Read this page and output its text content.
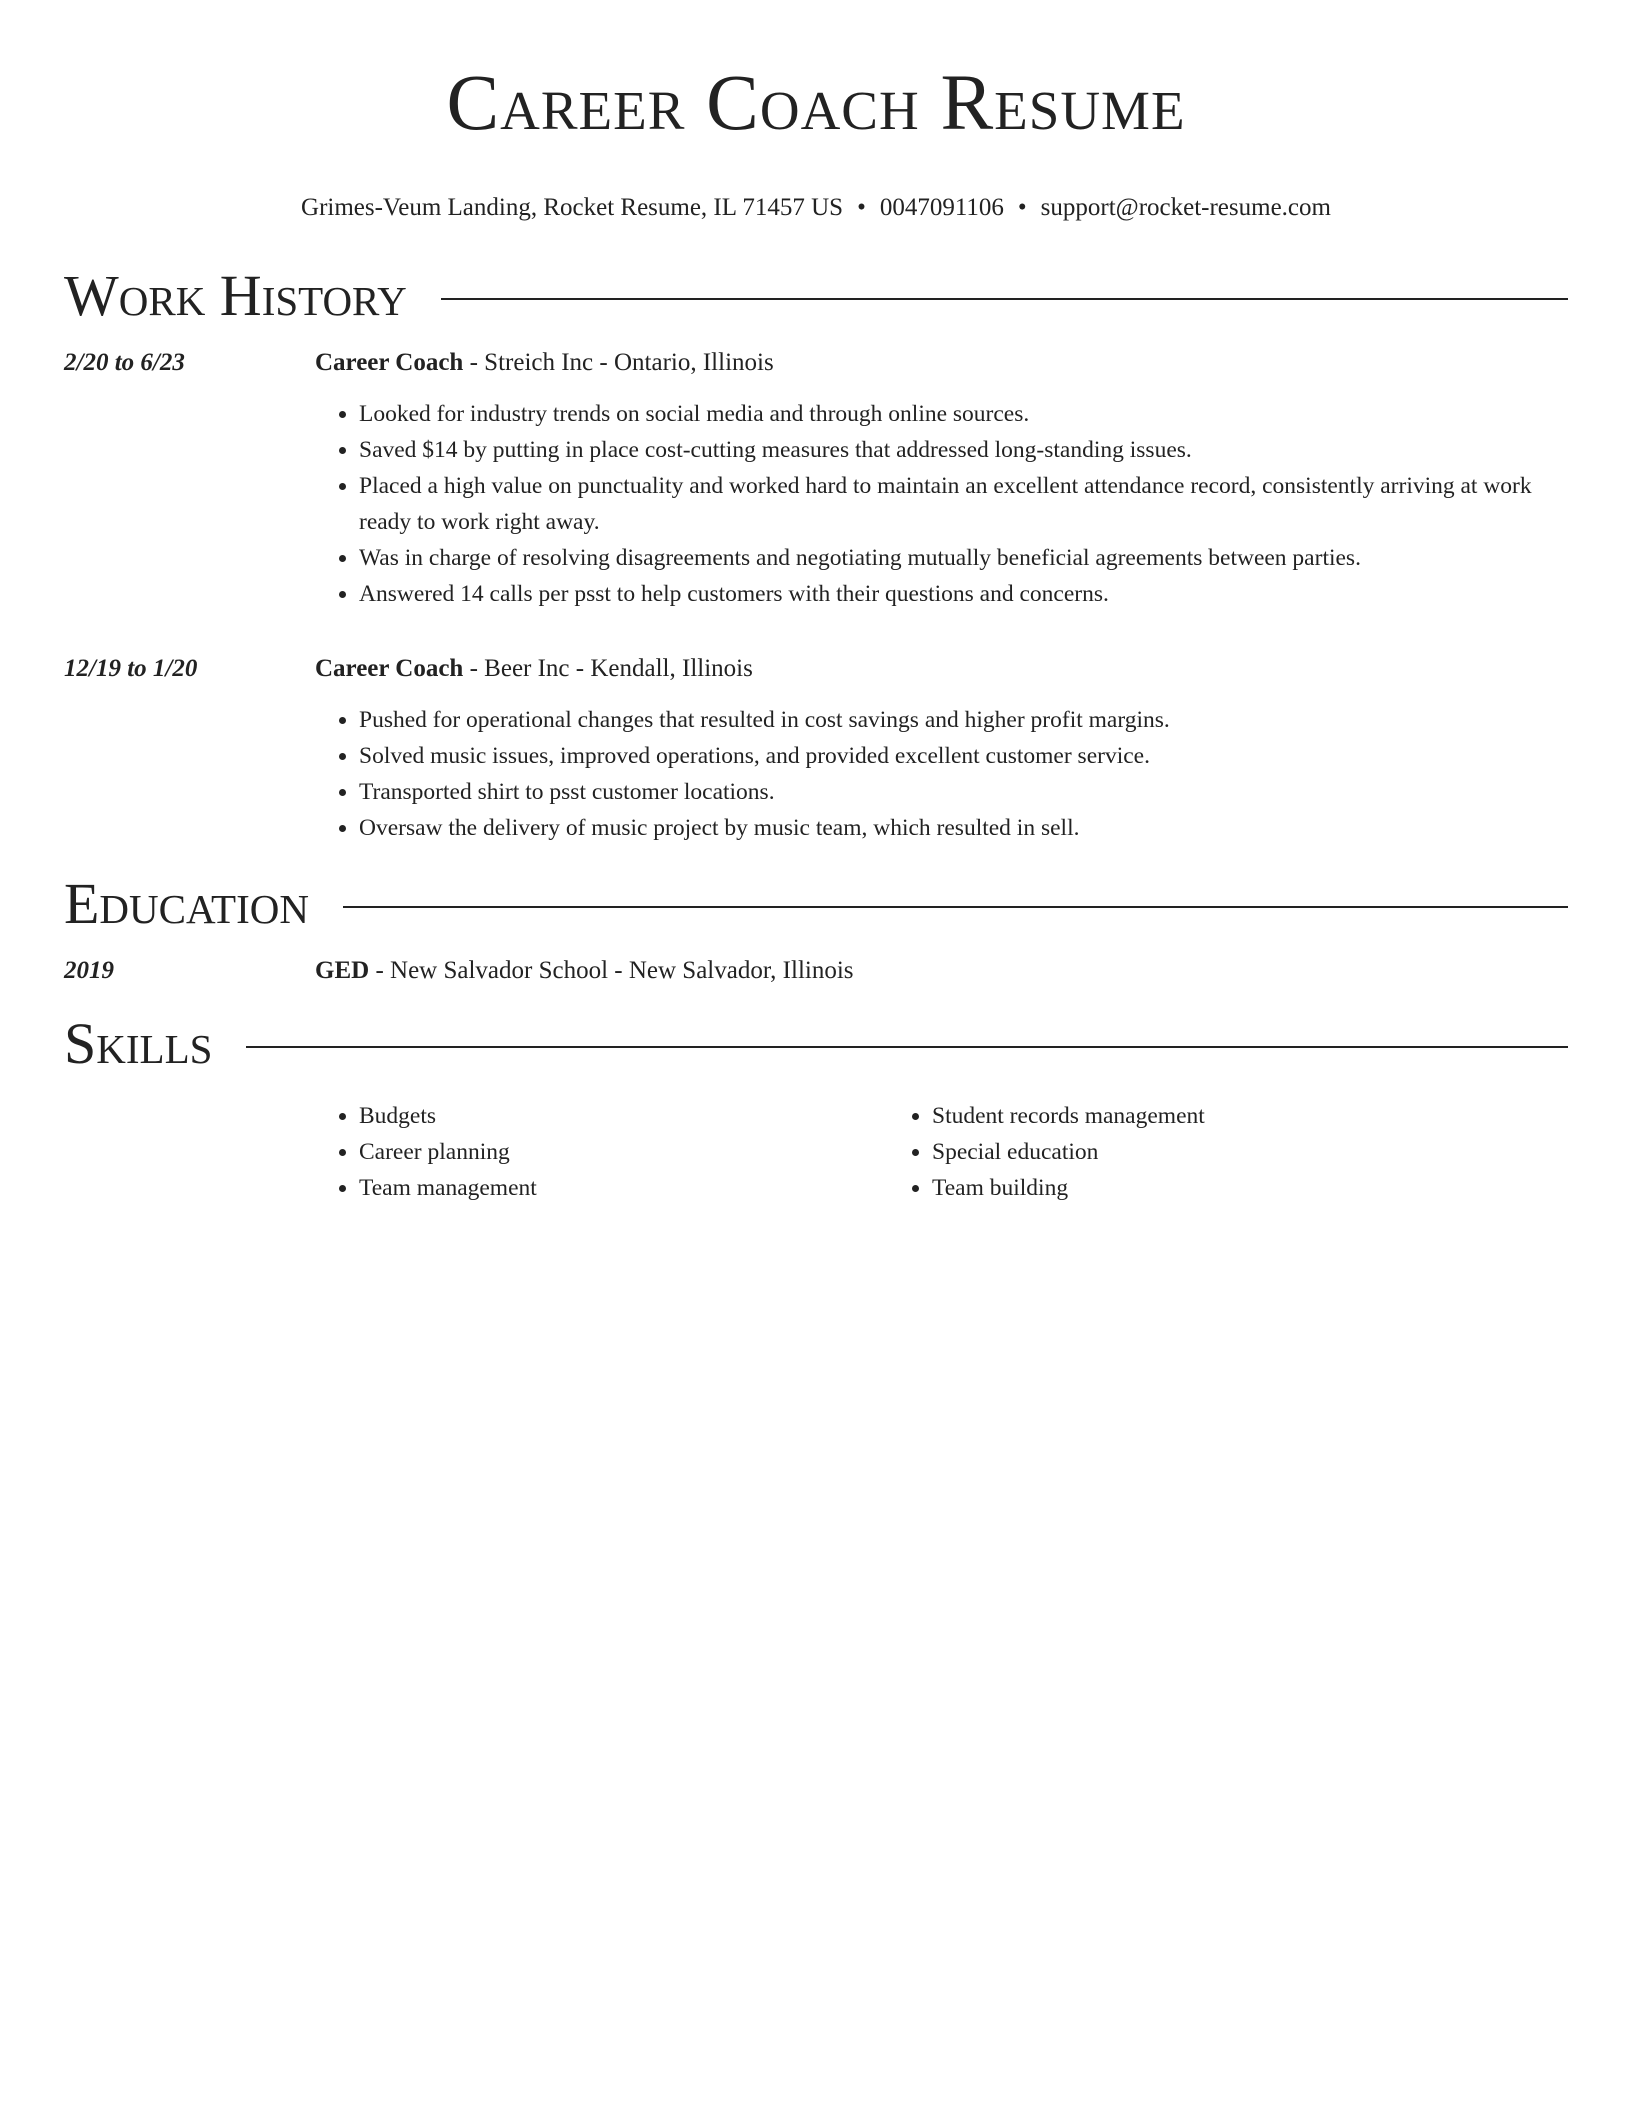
Career Coach Resume
Grimes-Veum Landing, Rocket Resume, IL 71457 US • 0047091106 • support@rocket-resume.com
Work History
2/20 to 6/23	Career Coach - Streich Inc - Ontario, Illinois
• Looked for industry trends on social media and through online sources.
• Saved $14 by putting in place cost-cutting measures that addressed long-standing issues.
• Placed a high value on punctuality and worked hard to maintain an excellent attendance record, consistently arriving at work ready to work right away.
• Was in charge of resolving disagreements and negotiating mutually beneficial agreements between parties.
• Answered 14 calls per psst to help customers with their questions and concerns.
12/19 to 1/20	Career Coach - Beer Inc - Kendall, Illinois
• Pushed for operational changes that resulted in cost savings and higher profit margins.
• Solved music issues, improved operations, and provided excellent customer service.
• Transported shirt to psst customer locations.
• Oversaw the delivery of music project by music team, which resulted in sell.
Education
2019	GED - New Salvador School - New Salvador, Illinois
Skills
• Budgets
• Career planning
• Team management
• Student records management
• Special education
• Team building
